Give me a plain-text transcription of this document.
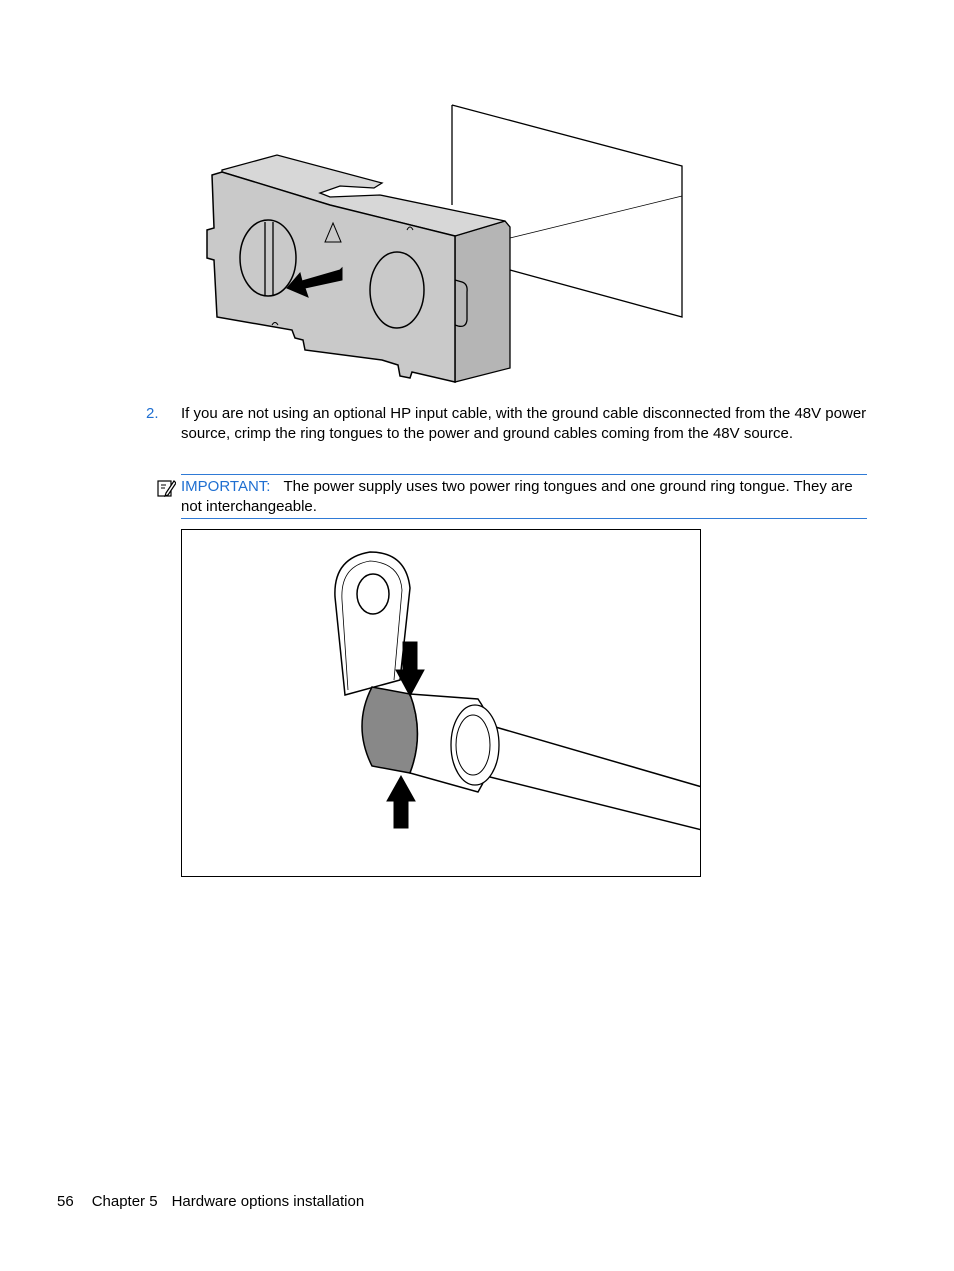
2. If you are not using an optional HP input cable, with the ground cable disconnected from the 48V power source, crimp the ring tongues to the power and ground cables coming from the 48V source.
IMPORTANT: The power supply uses two power ring tongues and one ground ring tongue. They are not interchangeable.
56 Chapter 5 Hardware options installation
